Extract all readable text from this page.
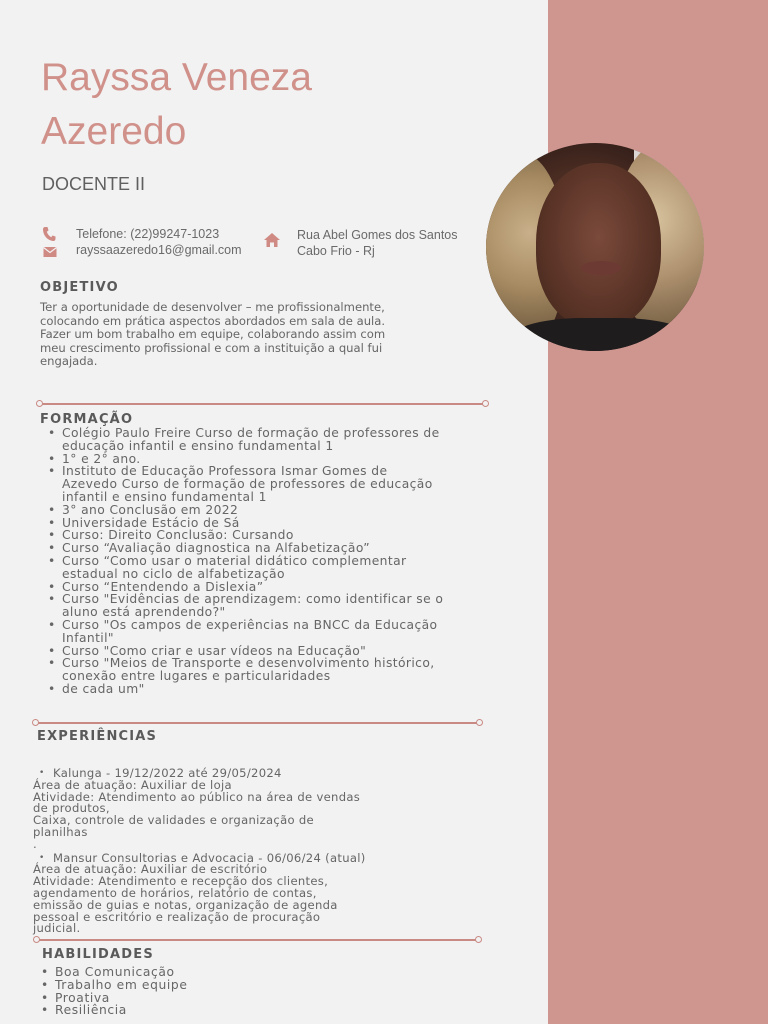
Rayssa Veneza
Azeredo
DOCENTE II
Telefone: (22)99247-1023
rayssaazeredo16@gmail.com
Rua Abel Gomes dos Santos
Cabo Frio - Rj
OBJETIVO
Ter a oportunidade de desenvolver – me profissionalmente,
colocando em prática aspectos abordados em sala de aula.
Fazer um bom trabalho em equipe, colaborando assim com
meu crescimento profissional e com a instituição a qual fui
engajada.
FORMAÇÃO
• Colégio Paulo Freire Curso de formação de professores de
educação infantil e ensino fundamental 1
• 1° e 2° ano.
• Instituto de Educação Professora Ismar Gomes de
Azevedo Curso de formação de professores de educação
infantil e ensino fundamental 1
• 3° ano Conclusão em 2022
• Universidade Estácio de Sá
• Curso: Direito Conclusão: Cursando
• Curso “Avaliação diagnostica na Alfabetização”
• Curso “Como usar o material didático complementar
estadual no ciclo de alfabetização
• Curso “Entendendo a Dislexia”
• Curso "Evidências de aprendizagem: como identificar se o
aluno está aprendendo?"
• Curso "Os campos de experiências na BNCC da Educação
Infantil"
• Curso "Como criar e usar vídeos na Educação"
• Curso "Meios de Transporte e desenvolvimento histórico,
conexão entre lugares e particularidades
• de cada um"
EXPERIÊNCIAS
• Kalunga - 19/12/2022 até 29/05/2024
Área de atuação: Auxiliar de loja
Atividade: Atendimento ao público na área de vendas
de produtos,
Caixa, controle de validades e organização de
planilhas
.
• Mansur Consultorias e Advocacia - 06/06/24 (atual)
Área de atuação: Auxiliar de escritório
Atividade: Atendimento e recepção dos clientes,
agendamento de horários, relatório de contas,
emissão de guias e notas, organização de agenda
pessoal e escritório e realização de procuração
judicial.
HABILIDADES
• Boa Comunicação
• Trabalho em equipe
• Proativa
• Resiliência
